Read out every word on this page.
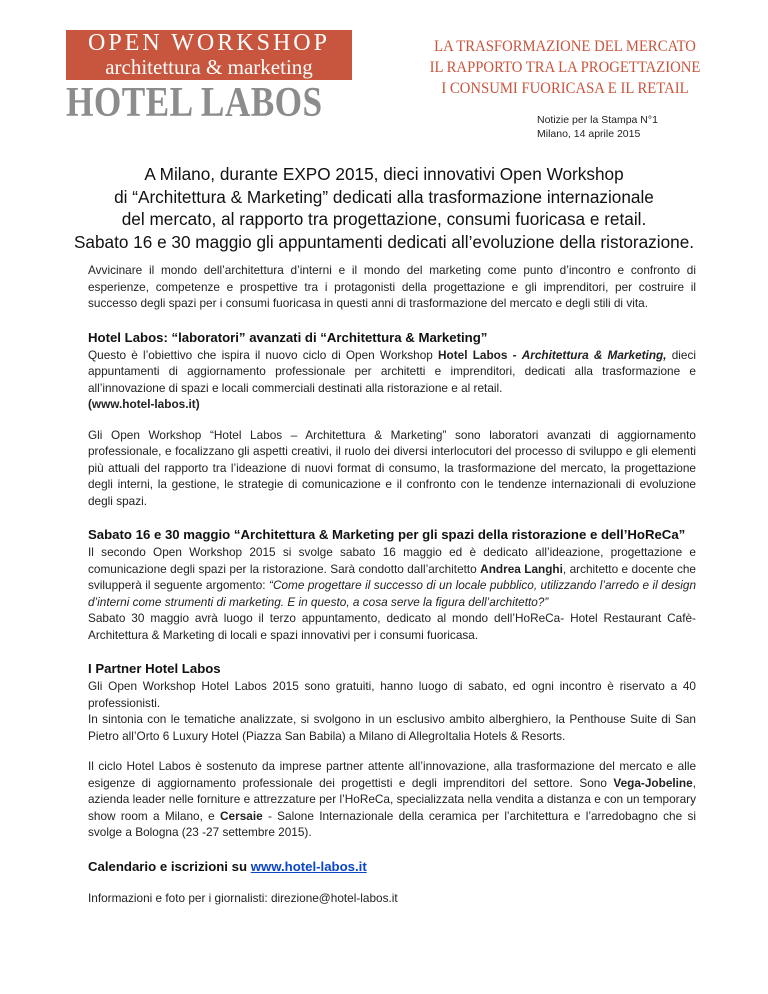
OPEN WORKSHOP
architettura & marketing
HOTEL LABOS
LA TRASFORMAZIONE DEL MERCATO
IL RAPPORTO TRA LA PROGETTAZIONE
I CONSUMI FUORICASA E IL RETAIL
Notizie per la Stampa N°1
Milano, 14 aprile 2015
A Milano, durante EXPO 2015, dieci innovativi Open Workshop
di “Architettura & Marketing” dedicati alla trasformazione internazionale
del mercato, al rapporto tra progettazione, consumi fuoricasa e retail.
Sabato 16 e 30 maggio gli appuntamenti dedicati all’evoluzione della ristorazione.

Avvicinare il mondo dell’architettura d’interni e il mondo del marketing come punto d’incontro e confronto di esperienze, competenze e prospettive tra i protagonisti della progettazione e gli imprenditori, per costruire il successo degli spazi per i consumi fuoricasa in questi anni di trasformazione del mercato e degli stili di vita.

Hotel Labos: “laboratori” avanzati di “Architettura & Marketing”

Questo è l’obiettivo che ispira il nuovo ciclo di Open Workshop Hotel Labos - Architettura & Marketing, dieci appuntamenti di aggiornamento professionale per architetti e imprenditori, dedicati alla trasformazione e all’innovazione di spazi e locali commerciali destinati alla ristorazione e al retail.
(www.hotel-labos.it)

Gli Open Workshop “Hotel Labos – Architettura & Marketing” sono laboratori avanzati di aggiornamento professionale, e focalizzano gli aspetti creativi, il ruolo dei diversi interlocutori del processo di sviluppo e gli elementi più attuali del rapporto tra l’ideazione di nuovi format di consumo, la trasformazione del mercato, la progettazione degli interni, la gestione, le strategie di comunicazione e il confronto con le tendenze internazionali di evoluzione degli spazi.

Sabato 16 e 30 maggio “Architettura & Marketing per gli spazi della ristorazione e dell’HoReCa”

Il secondo Open Workshop 2015 si svolge sabato 16 maggio ed è dedicato all’ideazione, progettazione e comunicazione degli spazi per la ristorazione. Sarà condotto dall’architetto Andrea Langhi, architetto e docente che svilupperà il seguente argomento: “Come progettare il successo di un locale pubblico, utilizzando l’arredo e il design d’interni come strumenti di marketing. E in questo, a cosa serve la figura dell’architetto?”
Sabato 30 maggio avrà luogo il terzo appuntamento, dedicato al mondo dell’HoReCa- Hotel Restaurant Cafè- Architettura & Marketing di locali e spazi innovativi per i consumi fuoricasa.

I Partner Hotel Labos

Gli Open Workshop Hotel Labos 2015 sono gratuiti, hanno luogo di sabato, ed ogni incontro è riservato a 40 professionisti.
In sintonia con le tematiche analizzate, si svolgono in un esclusivo ambito alberghiero, la Penthouse Suite di San Pietro all’Orto 6 Luxury Hotel (Piazza San Babila) a Milano di AllegroItalia Hotels & Resorts.

Il ciclo Hotel Labos è sostenuto da imprese partner attente all’innovazione, alla trasformazione del mercato e alle esigenze di aggiornamento professionale dei progettisti e degli imprenditori del settore. Sono Vega-Jobeline, azienda leader nelle forniture e attrezzature per l’HoReCa, specializzata nella vendita a distanza e con un temporary show room a Milano, e Cersaie - Salone Internazionale della ceramica per l’architettura e l’arredobagno che si svolge a Bologna (23 -27 settembre 2015).

Calendario e iscrizioni su www.hotel-labos.it

Informazioni e foto per i giornalisti: direzione@hotel-labos.it
